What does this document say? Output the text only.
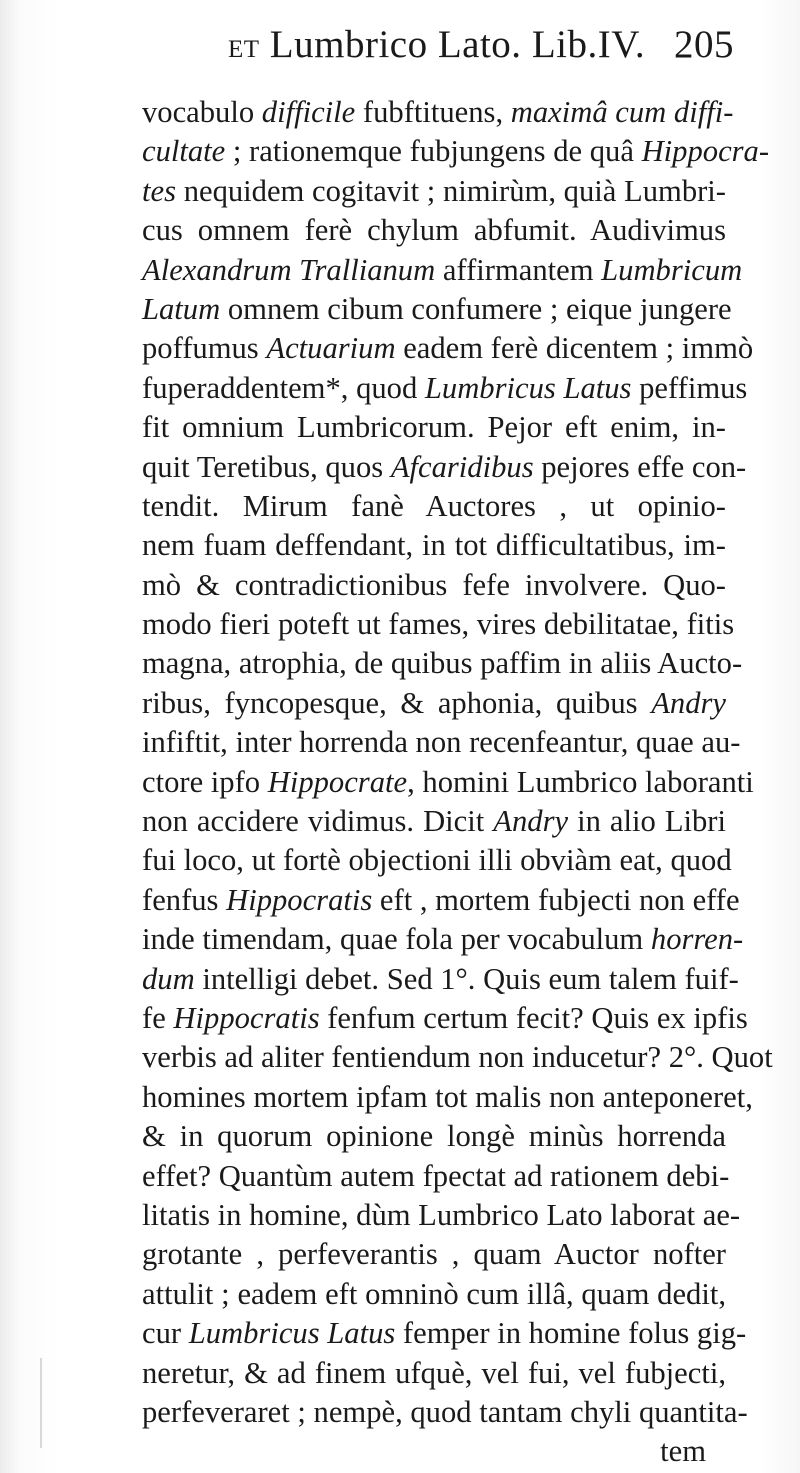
et Lumbrico Lato. Lib.IV. 205
vocabulo difficile fubftituens, maximâ cum diffi-
cultate ; rationemque fubjungens de quâ Hippocra-
tes nequidem cogitavit ; nimirùm, quià Lumbri-
cus omnem ferè chylum abfumit. Audivimus
Alexandrum Trallianum affirmantem Lumbricum
Latum omnem cibum confumere ; eique jungere
poffumus Actuarium eadem ferè dicentem ; immò
fuperaddentem*, quod Lumbricus Latus peffimus
fit omnium Lumbricorum. Pejor eft enim, in-
quit Teretibus, quos Afcaridibus pejores effe con-
tendit. Mirum fanè Auctores , ut opinio-
nem fuam deffendant, in tot difficultatibus, im-
mò & contradictionibus fefe involvere. Quo-
modo fieri poteft ut fames, vires debilitatae, fitis
magna, atrophia, de quibus paffim in aliis Aucto-
ribus, fyncopesque, & aphonia, quibus Andry
infiftit, inter horrenda non recenfeantur, quae au-
ctore ipfo Hippocrate, homini Lumbrico laboranti
non accidere vidimus. Dicit Andry in alio Libri
fui loco, ut fortè objectioni illi obviàm eat, quod
fenfus Hippocratis eft , mortem fubjecti non effe
inde timendam, quae fola per vocabulum horren-
dum intelligi debet. Sed 1°. Quis eum talem fuif-
fe Hippocratis fenfum certum fecit? Quis ex ipfis
verbis ad aliter fentiendum non inducetur? 2°. Quot
homines mortem ipfam tot malis non anteponeret,
& in quorum opinione longè minùs horrenda
effet? Quantùm autem fpectat ad rationem debi-
litatis in homine, dùm Lumbrico Lato laborat ae-
grotante , perfeverantis , quam Auctor nofter
attulit ; eadem eft omninò cum illâ, quam dedit,
cur Lumbricus Latus femper in homine folus gig-
neretur, & ad finem ufquè, vel fui, vel fubjecti,
perfeveraret ; nempè, quod tantam chyli quantita-
tem
